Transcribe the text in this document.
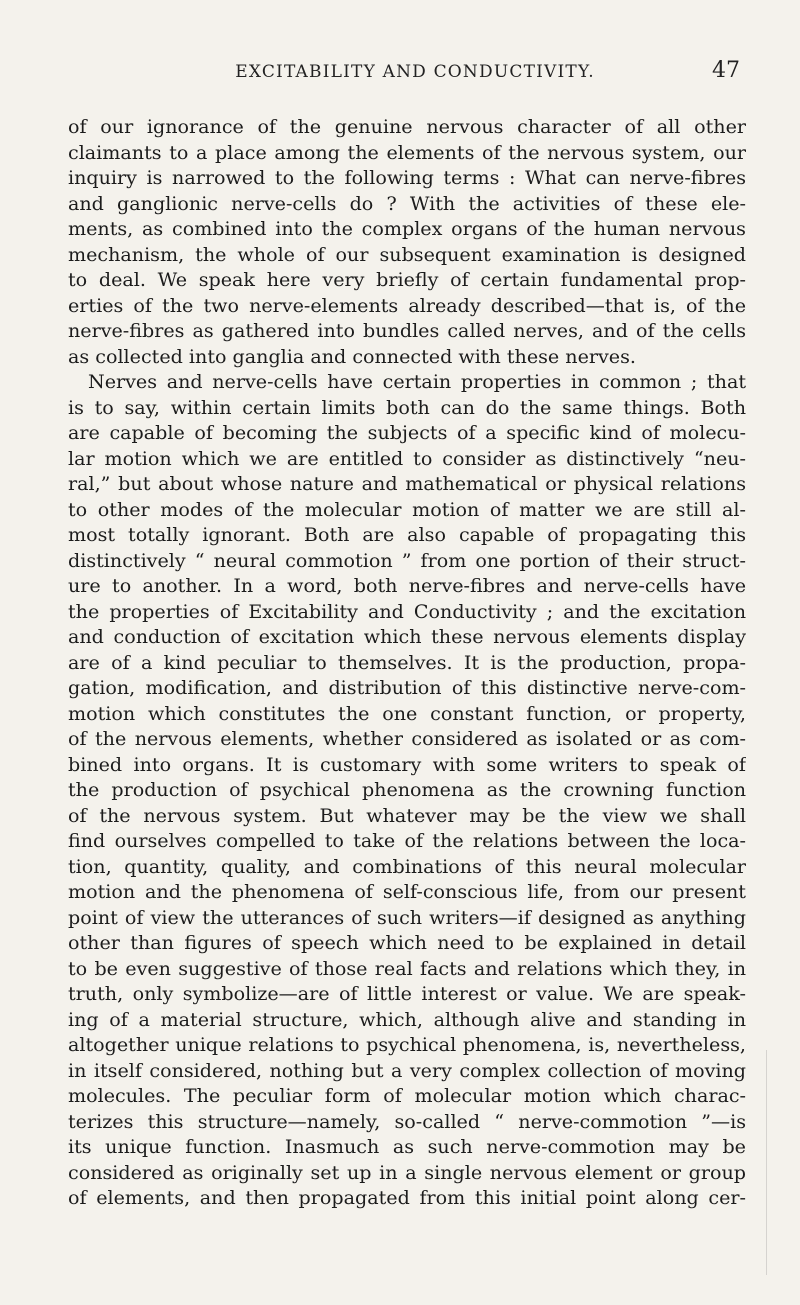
EXCITABILITY AND CONDUCTIVITY.	47
of our ignorance of the genuine nervous character of all other
claimants to a place among the elements of the nervous system, our
inquiry is narrowed to the following terms : What can nerve-fibres
and ganglionic nerve-cells do ? With the activities of these ele-
ments, as combined into the complex organs of the human nervous
mechanism, the whole of our subsequent examination is designed
to deal. We speak here very briefly of certain fundamental prop-
erties of the two nerve-elements already described—that is, of the
nerve-fibres as gathered into bundles called nerves, and of the cells
as collected into ganglia and connected with these nerves.
Nerves and nerve-cells have certain properties in common ; that
is to say, within certain limits both can do the same things. Both
are capable of becoming the subjects of a specific kind of molecu-
lar motion which we are entitled to consider as distinctively “neu-
ral,” but about whose nature and mathematical or physical relations
to other modes of the molecular motion of matter we are still al-
most totally ignorant. Both are also capable of propagating this
distinctively “ neural commotion ” from one portion of their struct-
ure to another. In a word, both nerve-fibres and nerve-cells have
the properties of Excitability and Conductivity ; and the excitation
and conduction of excitation which these nervous elements display
are of a kind peculiar to themselves. It is the production, propa-
gation, modification, and distribution of this distinctive nerve-com-
motion which constitutes the one constant function, or property,
of the nervous elements, whether considered as isolated or as com-
bined into organs. It is customary with some writers to speak of
the production of psychical phenomena as the crowning function
of the nervous system. But whatever may be the view we shall
find ourselves compelled to take of the relations between the loca-
tion, quantity, quality, and combinations of this neural molecular
motion and the phenomena of self-conscious life, from our present
point of view the utterances of such writers—if designed as anything
other than figures of speech which need to be explained in detail
to be even suggestive of those real facts and relations which they, in
truth, only symbolize—are of little interest or value. We are speak-
ing of a material structure, which, although alive and standing in
altogether unique relations to psychical phenomena, is, nevertheless,
in itself considered, nothing but a very complex collection of moving
molecules. The peculiar form of molecular motion which charac-
terizes this structure—namely, so-called “ nerve-commotion ”—is
its unique function. Inasmuch as such nerve-commotion may be
considered as originally set up in a single nervous element or group
of elements, and then propagated from this initial point along cer-
